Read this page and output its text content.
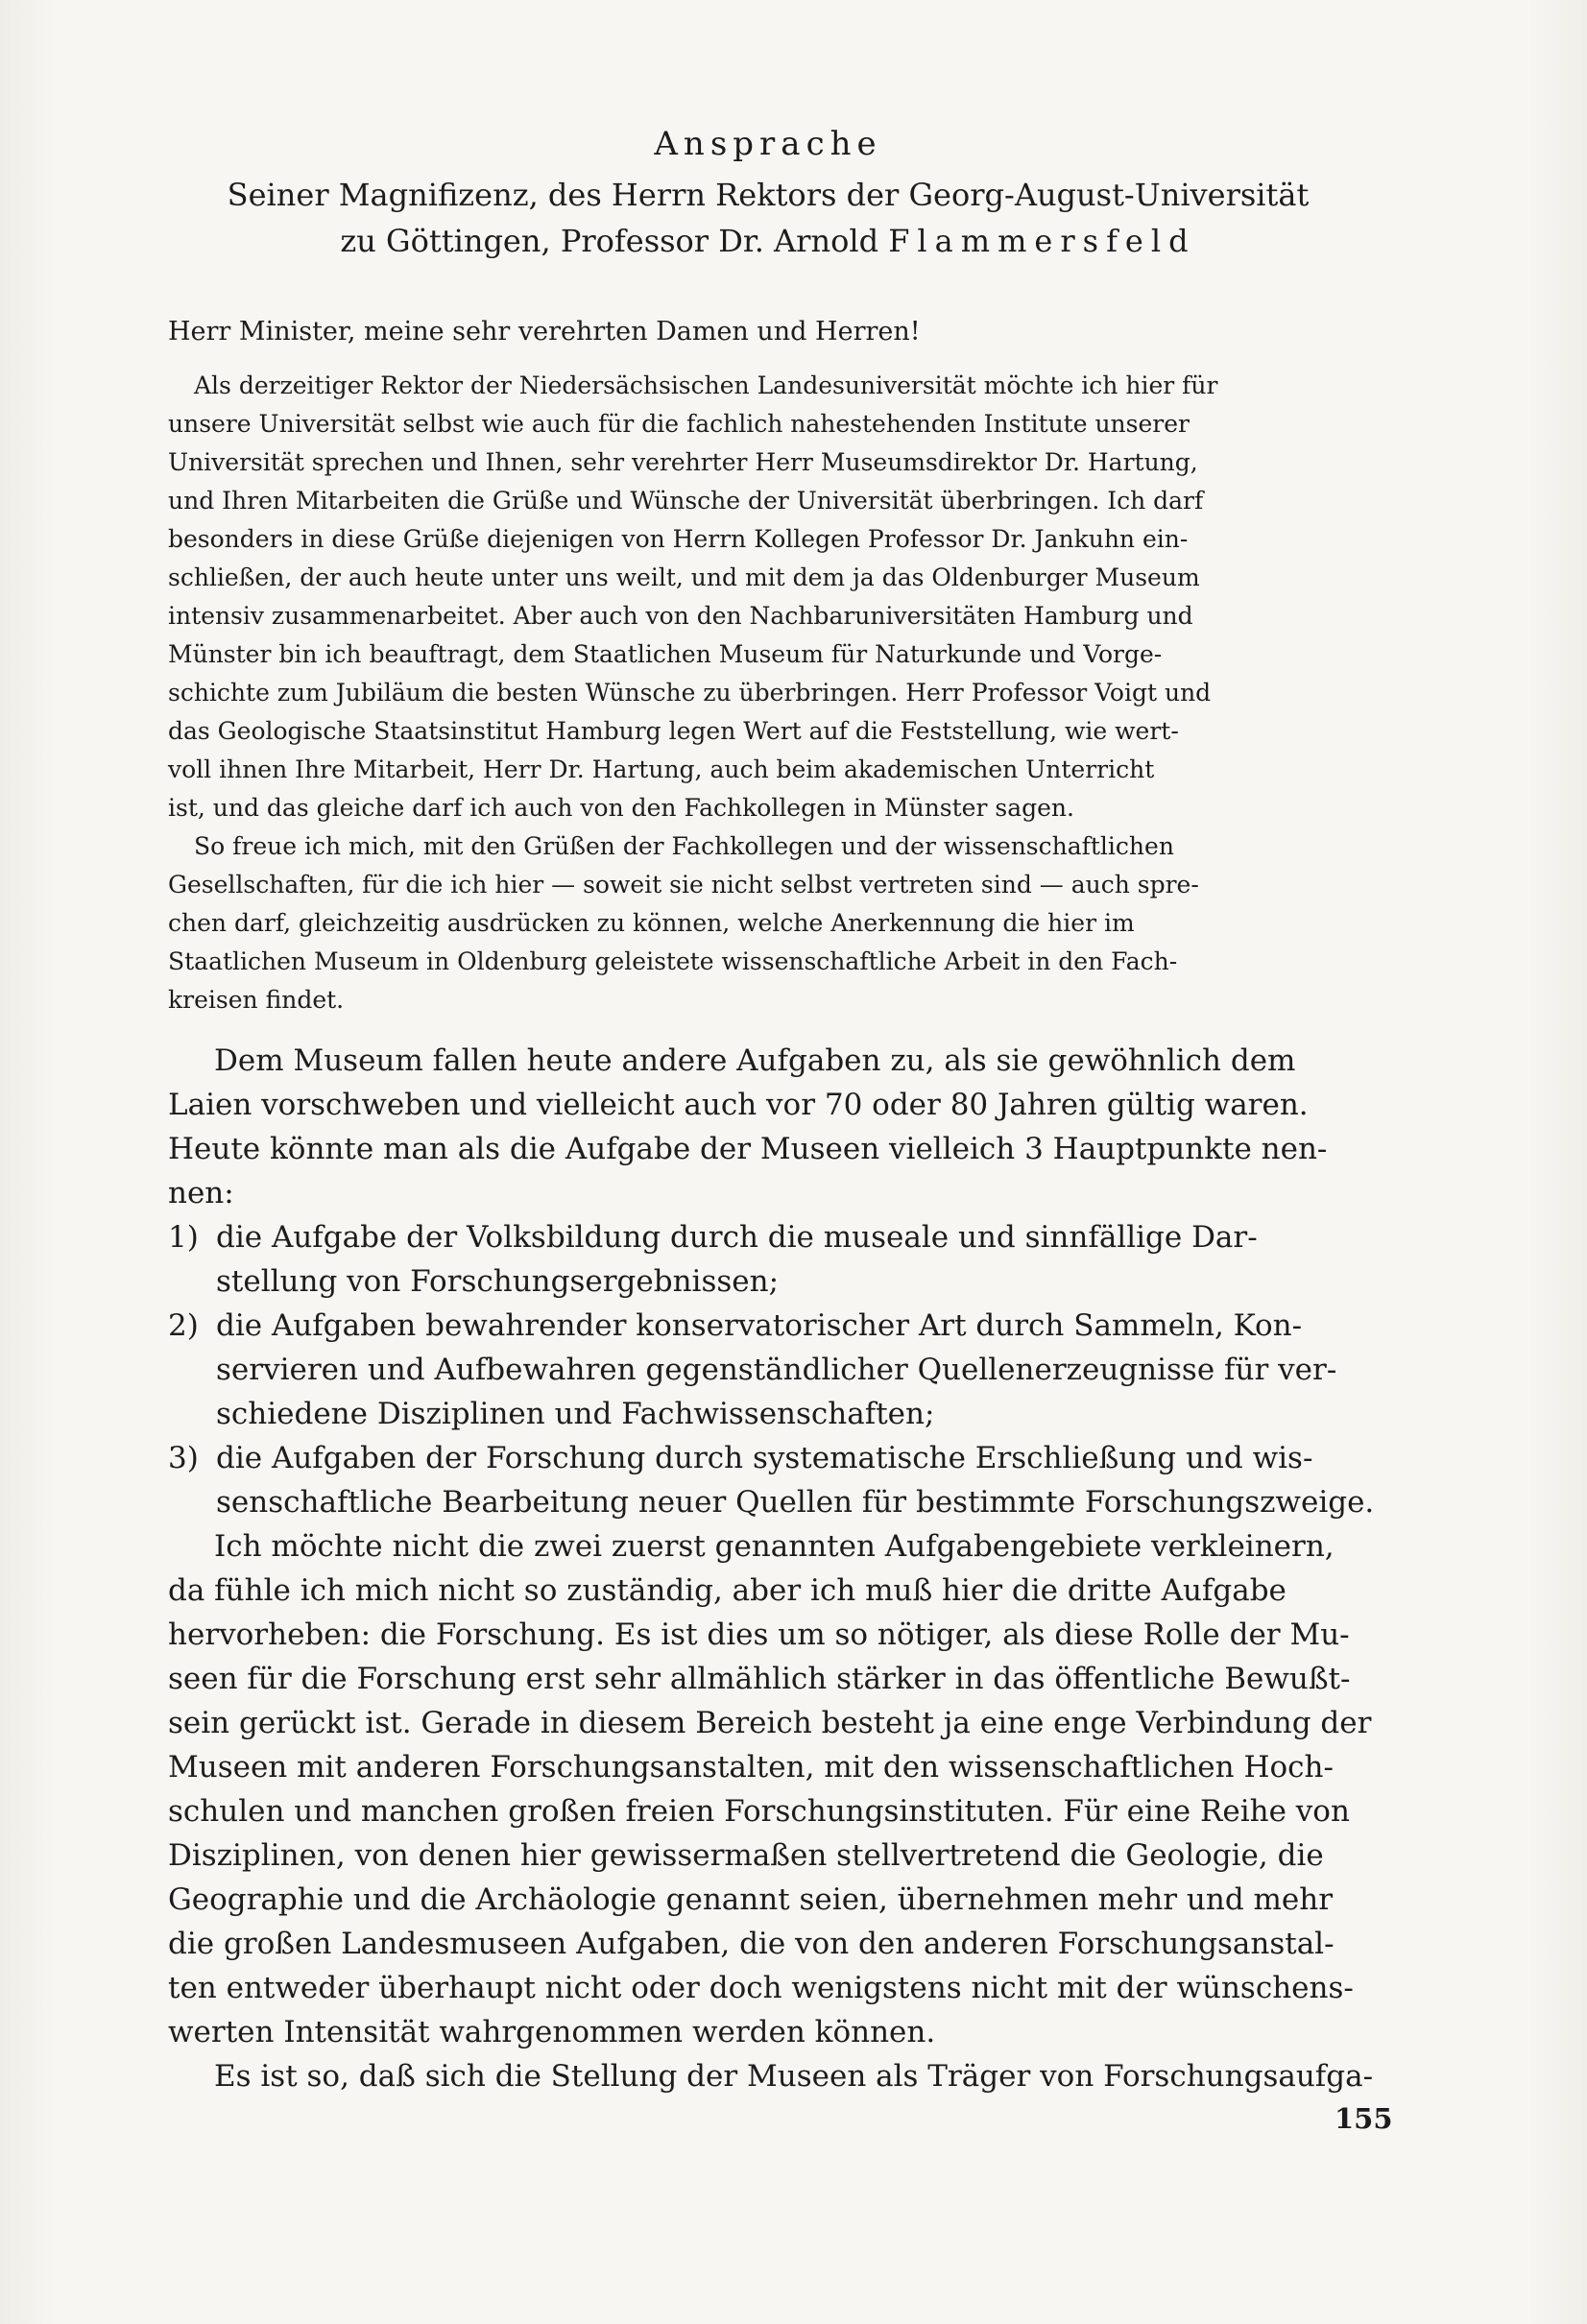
Ansprache
Seiner Magnifizenz, des Herrn Rektors der Georg-August-Universität
zu Göttingen, Professor Dr. Arnold Flammersfeld
Herr Minister, meine sehr verehrten Damen und Herren!
Als derzeitiger Rektor der Niedersächsischen Landesuniversität möchte ich hier für
unsere Universität selbst wie auch für die fachlich nahestehenden Institute unserer
Universität sprechen und Ihnen, sehr verehrter Herr Museumsdirektor Dr. Hartung,
und Ihren Mitarbeiten die Grüße und Wünsche der Universität überbringen. Ich darf
besonders in diese Grüße diejenigen von Herrn Kollegen Professor Dr. Jankuhn ein-
schließen, der auch heute unter uns weilt, und mit dem ja das Oldenburger Museum
intensiv zusammenarbeitet. Aber auch von den Nachbaruniversitäten Hamburg und
Münster bin ich beauftragt, dem Staatlichen Museum für Naturkunde und Vorge-
schichte zum Jubiläum die besten Wünsche zu überbringen. Herr Professor Voigt und
das Geologische Staatsinstitut Hamburg legen Wert auf die Feststellung, wie wert-
voll ihnen Ihre Mitarbeit, Herr Dr. Hartung, auch beim akademischen Unterricht
ist, und das gleiche darf ich auch von den Fachkollegen in Münster sagen.
So freue ich mich, mit den Grüßen der Fachkollegen und der wissenschaftlichen
Gesellschaften, für die ich hier — soweit sie nicht selbst vertreten sind — auch spre-
chen darf, gleichzeitig ausdrücken zu können, welche Anerkennung die hier im
Staatlichen Museum in Oldenburg geleistete wissenschaftliche Arbeit in den Fach-
kreisen findet.
Dem Museum fallen heute andere Aufgaben zu, als sie gewöhnlich dem
Laien vorschweben und vielleicht auch vor 70 oder 80 Jahren gültig waren.
Heute könnte man als die Aufgabe der Museen vielleich 3 Hauptpunkte nen-
nen:
1) die Aufgabe der Volksbildung durch die museale und sinnfällige Dar-
stellung von Forschungsergebnissen;
2) die Aufgaben bewahrender konservatorischer Art durch Sammeln, Kon-
servieren und Aufbewahren gegenständlicher Quellenerzeugnisse für ver-
schiedene Disziplinen und Fachwissenschaften;
3) die Aufgaben der Forschung durch systematische Erschließung und wis-
senschaftliche Bearbeitung neuer Quellen für bestimmte Forschungszweige.
Ich möchte nicht die zwei zuerst genannten Aufgabengebiete verkleinern,
da fühle ich mich nicht so zuständig, aber ich muß hier die dritte Aufgabe
hervorheben: die Forschung. Es ist dies um so nötiger, als diese Rolle der Mu-
seen für die Forschung erst sehr allmählich stärker in das öffentliche Bewußt-
sein gerückt ist. Gerade in diesem Bereich besteht ja eine enge Verbindung der
Museen mit anderen Forschungsanstalten, mit den wissenschaftlichen Hoch-
schulen und manchen großen freien Forschungsinstituten. Für eine Reihe von
Disziplinen, von denen hier gewissermaßen stellvertretend die Geologie, die
Geographie und die Archäologie genannt seien, übernehmen mehr und mehr
die großen Landesmuseen Aufgaben, die von den anderen Forschungsanstal-
ten entweder überhaupt nicht oder doch wenigstens nicht mit der wünschens-
werten Intensität wahrgenommen werden können.
Es ist so, daß sich die Stellung der Museen als Träger von Forschungsaufga-
155
